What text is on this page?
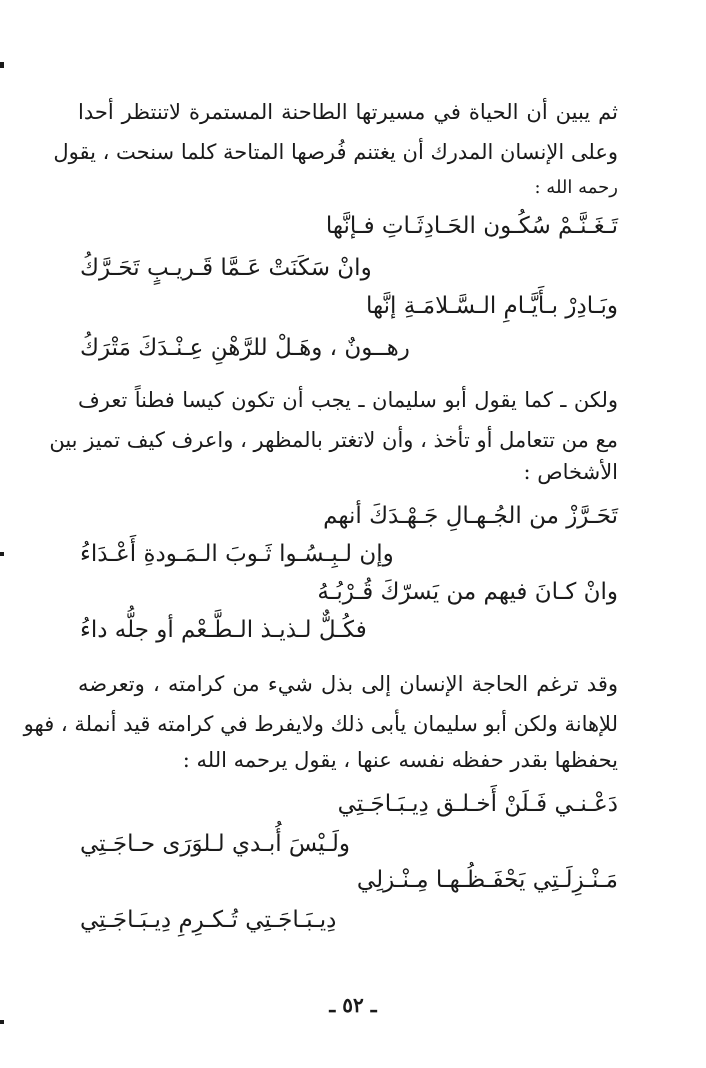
ثم يبين أن الحياة في مسيرتها الطاحنة المستمرة لاتنتظر أحدا
وعلى الإنسان المدرك أن يغتنم فُرصها المتاحة كلما سنحت ، يقول
رحمه الله :
تَـغَـنَّـمْ سُكُـون الحَـادِثَـاتِ فـإنَّها
وانْ سَكَنَتْ عَـمَّا قَـريـبٍ تَحَـرَّكُ
وبَـادِرْ بـأَيَّـامِ الـسَّـلامَـةِ إنَّها
رهــونٌ ، وهَـلْ للرَّهْنِ عِـنْـدَكَ مَتْرَكُ
ولكن ـ كما يقول أبو سليمان ـ يجب أن تكون كيسا فطناً تعرف
مع من تتعامل أو تأخذ ، وأن لاتغتر بالمظهر ، واعرف كيف تميز بين
الأشخاص :
تَحَـرَّزْ من الجُـهـالِ جَـهْـدَكَ أنهم
وإن لـبِـسُـوا ثَـوبَ الـمَـودةِ أَعْـدَاءُ
وانْ كـانَ فيهم من يَسرّكَ قُـرْبُـهُ
فكُـلٌّ لـذيـذ الـطَّـعْم أو جلُّه داءُ
وقد ترغم الحاجة الإنسان إلى بذل شيء من كرامته ، وتعرضه
للإهانة ولكن أبو سليمان يأبى ذلك ولايفرط في كرامته قيد أنملة ، فهو
يحفظها بقدر حفظه نفسه عنها ، يقول يرحمه الله :
دَعْـنـي فَـلَنْ أَخـلـق دِيـبَـاجَـتِي
ولَـيْسَ أُبـدي لـلوَرَى حـاجَـتِي
مَـنْـزِلَـتِي يَحْفَـظُـهـا مِـنْـزلِي
دِيـبَـاجَـتِي تُـكـرِمِ دِيـبَـاجَـتِي
ـ ٥٢ ـ
